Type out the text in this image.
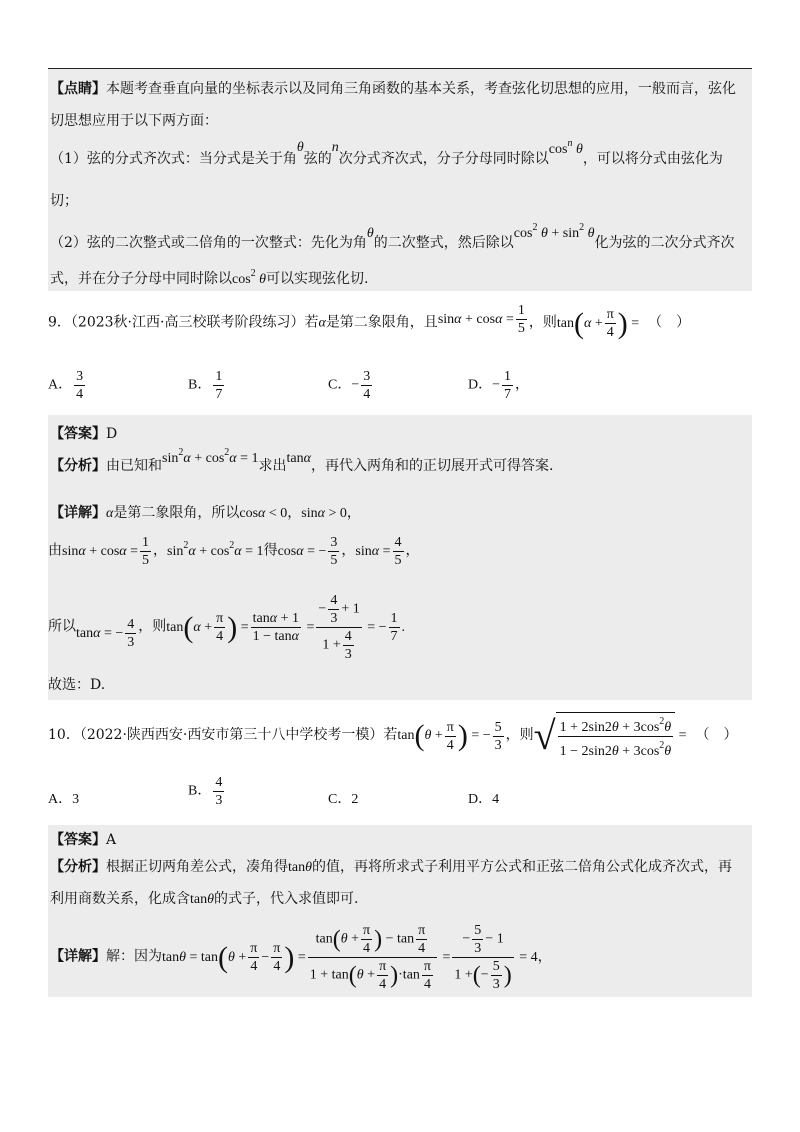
【点睛】本题考查垂直向量的坐标表示以及同角三角函数的基本关系，考查弦化切思想的应用，一般而言，弦化
切思想应用于以下两方面：
（1）弦的分式齐次式：当分式是关于角θ弦的n次分式齐次式，分子分母同时除以$\cos^n \theta$，可以将分式由弦化为
切；
（2）弦的二次整式或二倍角的一次整式：先化为角θ的二次整式，然后除以$\cos^2 \theta + \sin^2 \theta$化为弦的二次分式齐次
式，并在分子分母中同时除以$\cos^2 \theta$可以实现弦化切.
9．（2023秋·江西·高三校联考阶段练习）若α是第二象限角，且$\sin\alpha + \cos\alpha = \frac{1}{5}$ ，则$\tan(\alpha + \frac{\pi}{4}$ ) = （　）
A． $\frac{3}{4}$	B． $\frac{1}{7}$	C．− $\frac{3}{4}$	D．− $\frac{1}{7}$ ，
【答案】D
【分析】由已知和$\sin^2\alpha + \cos^2\alpha = 1$求出tanα，再代入两角和的正切展开式可得答案.
【详解】α是第二象限角，所以cosα < 0，sinα > 0，
由$\sin\alpha + \cos\alpha = \frac{1}{5}$ ，$\sin^2\alpha + \cos^2\alpha = 1$得cosα = − $\frac{3}{5}$ ，$\sin\alpha = \frac{4}{5}$ ，
所以tanα = − $\frac{4}{3}$ ，则$\tan(\alpha + \frac{\pi}{4}$ ) = $\frac{\tan\alpha + 1}{1 - \tan\alpha} = \frac{- \frac{4}{3} + 1}{1 + \frac{4}{3}}$ = − $\frac{1}{7}$ .
故选：D.
10．（2022·陕西西安·西安市第三十八中学校考一模）若$\tan(\theta + \frac{\pi}{4}$ ) = − $\frac{5}{3}$ ，则√ $\frac{1 + 2\sin 2\theta + 3\cos^2\theta}{1 - 2\sin 2\theta + 3\cos^2\theta}$ = （　）
A．3
B． $\frac{4}{3}$	C．2	D．4
【答案】A
【分析】根据正切两角差公式，凑角得tanθ的值，再将所求式子利用平方公式和正弦二倍角公式化成齐次式，再
利用商数关系，化成含tanθ的式子，代入求值即可.
【详解】解：因为$\tan\theta = \tan(\theta + \frac{\pi}{4} - \frac{\pi}{4}$ ) = $\frac{\tan(\theta + \frac{\pi}{4} ) - \tan \frac{\pi}{4}}{1 + \tan(\theta + \frac{\pi}{4} )\cdot\tan \frac{\pi}{4}} = \frac{- \frac{5}{3} - 1}{1 +(- \frac{5}{3} )} = 4$，
